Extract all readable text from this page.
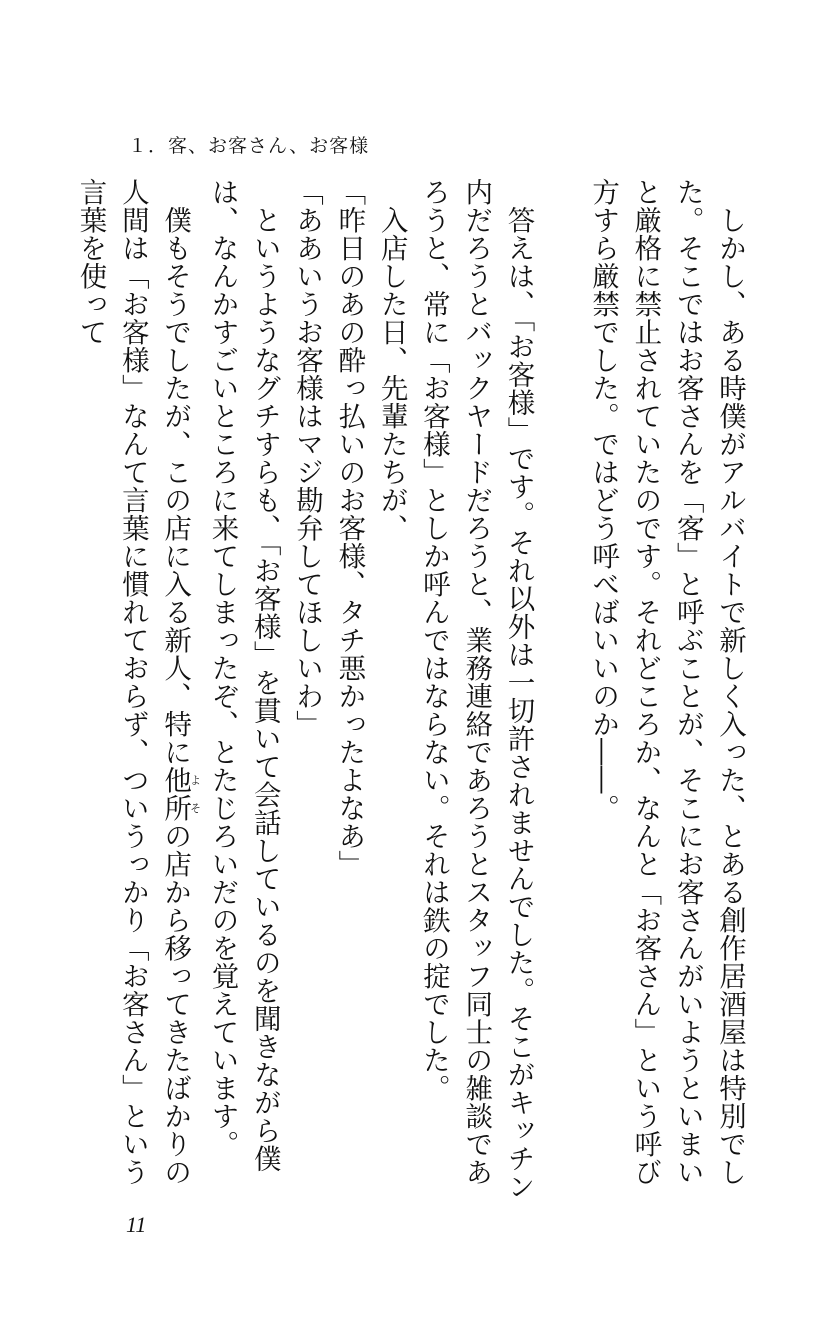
１．客、お客さん、お客様

しかし、ある時僕がアルバイトで新しく入った、とある創作居酒屋は特別でした。そこではお客さんを「客」と呼ぶことが、そこにお客さんがいようといまいと厳格に禁止されていたのです。それどころか、なんと「お客さん」という呼び方すら厳禁でした。ではどう呼べばいいのか――。

答えは、「お客様」です。それ以外は一切許されませんでした。そこがキッチン内だろうとバックヤードだろうと、業務連絡であろうとスタッフ同士の雑談であろうと、常に「お客様」としか呼んではならない。それは鉄の掟でした。

入店した日、先輩たちが、

「昨日のあの酔っ払いのお客様、タチ悪かったよなあ」

「ああいうお客様はマジ勘弁してほしいわ」

というようなグチすらも、「お客様」を貫いて会話しているのを聞きながら僕は、なんかすごいところに来てしまったぞ、とたじろいだのを覚えています。

僕もそうでしたが、この店に入る新人、特に他所よその店から移ってきたばかりの人間は「お客様」なんて言葉に慣れておらず、ついうっかり「お客さん」という言葉を使って

11
